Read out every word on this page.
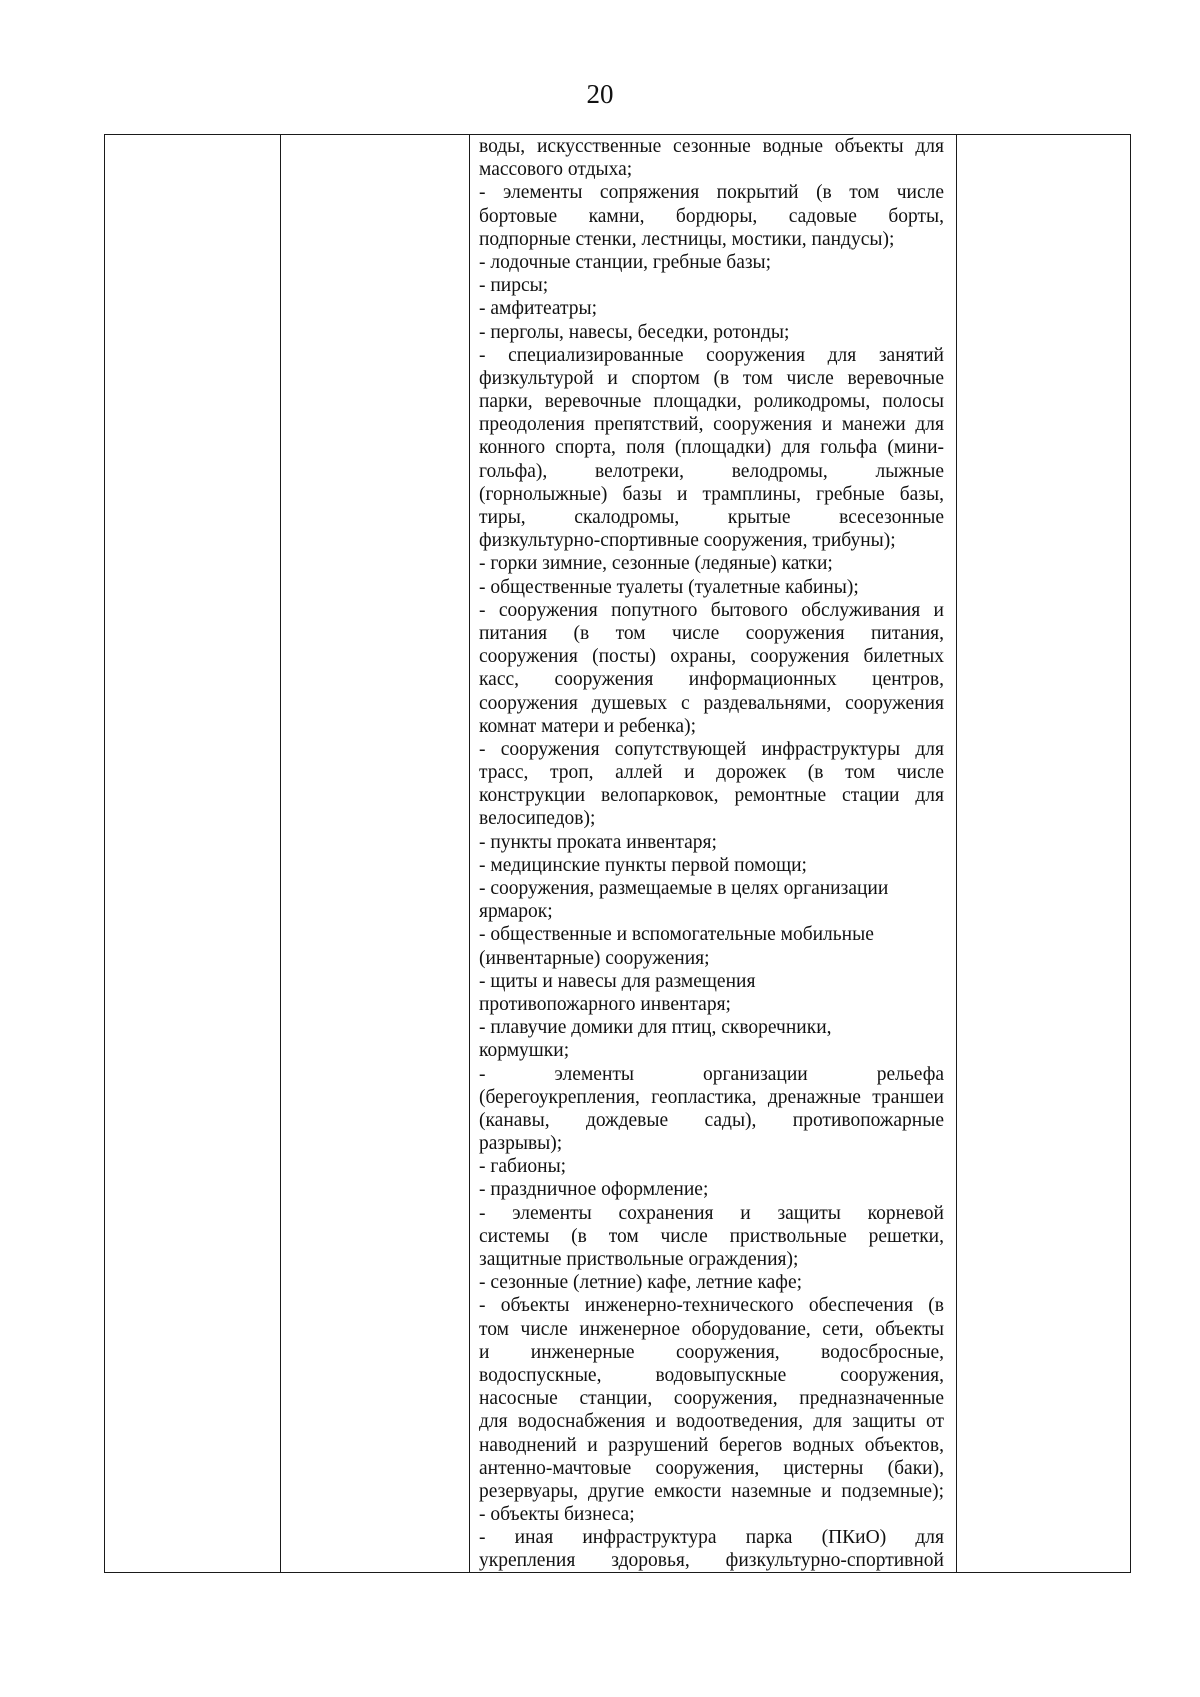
20
воды, искусственные сезонные водные объекты для
массового отдыха;
- элементы сопряжения покрытий (в том числе
бортовые камни, бордюры, садовые борты,
подпорные стенки, лестницы, мостики, пандусы);
- лодочные станции, гребные базы;
- пирсы;
- амфитеатры;
- перголы, навесы, беседки, ротонды;
- специализированные сооружения для занятий
физкультурой и спортом (в том числе веревочные
парки, веревочные площадки, роликодромы, полосы
преодоления препятствий, сооружения и манежи для
конного спорта, поля (площадки) для гольфа (мини-
гольфа), велотреки, велодромы, лыжные
(горнолыжные) базы и трамплины, гребные базы,
тиры, скалодромы, крытые всесезонные
физкультурно-спортивные сооружения, трибуны);
- горки зимние, сезонные (ледяные) катки;
- общественные туалеты (туалетные кабины);
- сооружения попутного бытового обслуживания и
питания (в том числе сооружения питания,
сооружения (посты) охраны, сооружения билетных
касс, сооружения информационных центров,
сооружения душевых с раздевальнями, сооружения
комнат матери и ребенка);
- сооружения сопутствующей инфраструктуры для
трасс, троп, аллей и дорожек (в том числе
конструкции велопарковок, ремонтные стации для
велосипедов);
- пункты проката инвентаря;
- медицинские пункты первой помощи;
- сооружения, размещаемые в целях организации
ярмарок;
- общественные и вспомогательные мобильные
(инвентарные) сооружения;
- щиты и навесы для размещения
противопожарного инвентаря;
- плавучие домики для птиц, скворечники,
кормушки;
- элементы организации рельефа
(берегоукрепления, геопластика, дренажные траншеи
(канавы, дождевые сады), противопожарные
разрывы);
- габионы;
- праздничное оформление;
- элементы сохранения и защиты корневой
системы (в том числе приствольные решетки,
защитные приствольные ограждения);
- сезонные (летние) кафе, летние кафе;
- объекты инженерно-технического обеспечения (в
том числе инженерное оборудование, сети, объекты
и инженерные сооружения, водосбросные,
водоспускные, водовыпускные сооружения,
насосные станции, сооружения, предназначенные
для водоснабжения и водоотведения, для защиты от
наводнений и разрушений берегов водных объектов,
антенно-мачтовые сооружения, цистерны (баки),
резервуары, другие емкости наземные и подземные);
- объекты бизнеса;
- иная инфраструктура парка (ПКиО) для
укрепления здоровья, физкультурно-спортивной
